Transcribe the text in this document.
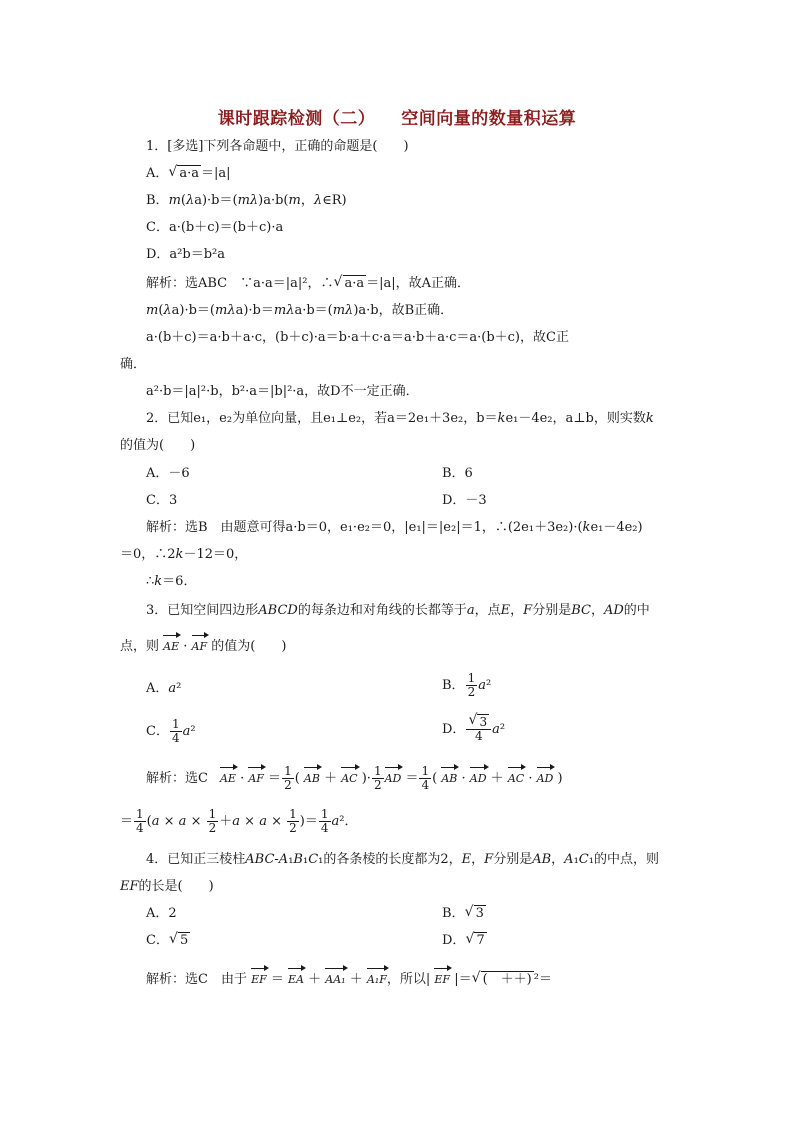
课时跟踪检测（二） 空间向量的数量积运算
1．[多选]下列各命题中，正确的命题是(　　)
A． √ a·a ＝|a|
B．m(λa)·b＝(mλ)a·b(m，λ∈R)
C．a·(b＋c)＝(b＋c)·a
D．a²b＝b²a
解析：选ABC　∵a·a＝|a|²，∴ √ a·a ＝|a|，故A正确．
m(λa)·b＝(mλa)·b＝mλa·b＝(mλ)a·b，故B正确．
a·(b＋c)＝a·b＋a·c，(b＋c)·a＝b·a＋c·a＝a·b＋a·c＝a·(b＋c)，故C正
确．
a²·b＝|a|²·b，b²·a＝|b|²·a，故D不一定正确．
2．已知e₁，e₂为单位向量，且e₁⊥e₂，若a＝2e₁＋3e₂，b＝ke₁－4e₂，a⊥b，则实数k
的值为(　　)
A．－6	B．6
C．3	D．－3
解析：选B　由题意可得a·b＝0，e₁·e₂＝0，|e₁|＝|e₂|＝1，∴(2e₁＋3e₂)·(ke₁－4e₂)
＝0，∴2k－12＝0，
∴k＝6．
3．已知空间四边形ABCD的每条边和对角线的长都等于a，点E，F分别是BC，AD的中
点，则 AE · AF 的值为(　　)
A．a²	B． $\frac{1}{2} a^2$
C． $\frac{1}{4} a^2$	D． √ $\frac{3}{4} a^2$
解析：选C AE · AF ＝ $\frac{1}{2}$ ( AB ＋ AC )· $\frac{1}{2}$ AD ＝ $\frac{1}{4}$ ( AB · AD ＋ AC · AD )
＝ $\frac{1}{4} (a \times a \times \frac{1}{2} +a \times a \times \frac{1}{2}$ )＝ $\frac{1}{4} a^2$．
4．已知正三棱柱ABC-A₁B₁C₁的各条棱的长度都为2，E，F分别是AB，A₁C₁的中点，则
EF的长是(　　)
A．2	B． √ 3
C． √ 5	D． √ 7
解析：选C　由于 EF ＝ EA ＋ AA₁ ＋ A₁F，所以| EF |＝ √ (　＋＋) ²＝
